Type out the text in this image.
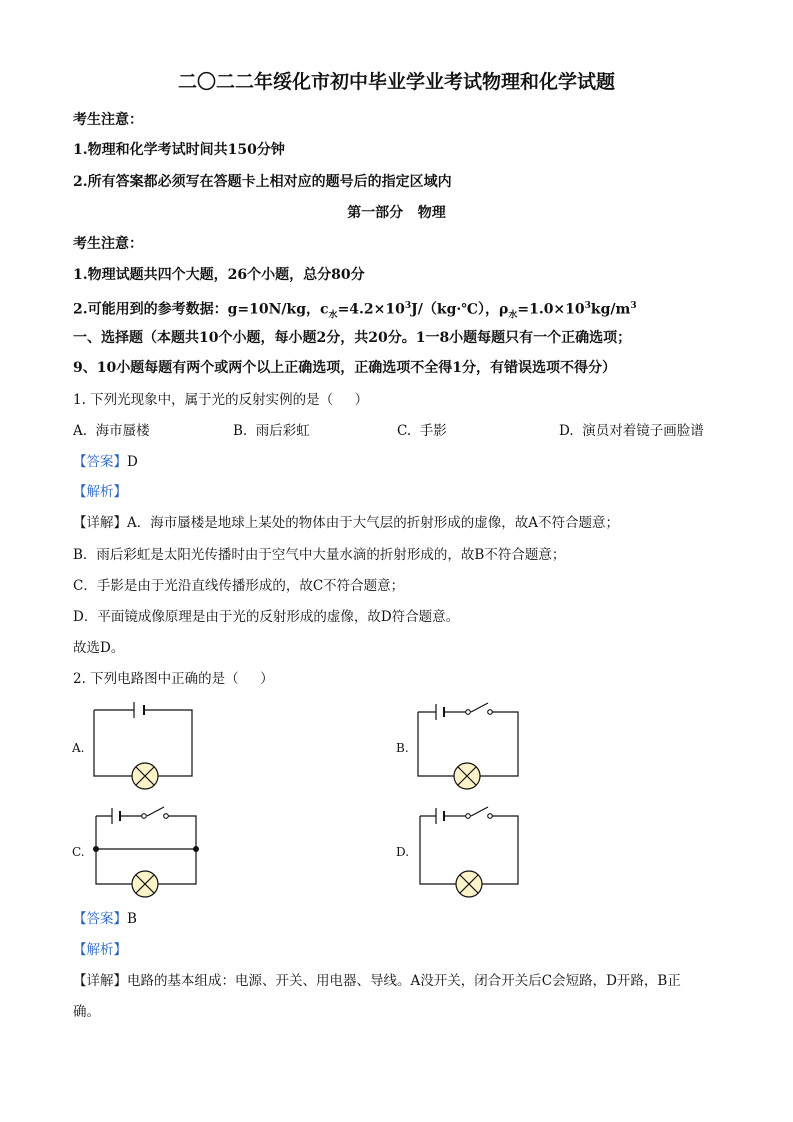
二〇二二年绥化市初中毕业学业考试物理和化学试题
考生注意：
1.物理和化学考试时间共150分钟
2.所有答案都必须写在答题卡上相对应的题号后的指定区域内
第一部分   物理
考生注意：
1.物理试题共四个大题，26个小题，总分80分
2.可能用到的参考数据：g=10N/kg，$c_水=4.2\times 10^3J/(kg\cdot℃)$，$\rho_水=1.0\times 10^3kg/m^3$
一、选择题（本题共10个小题，每小题2分，共20分。1一8小题每题只有一个正确选项；
9、10小题每题有两个或两个以上正确选项，正确选项不全得1分，有错误选项不得分）
1. 下列光现象中，属于光的反射实例的是（     ）
A.  海市蜃楼	B.  雨后彩虹	C.  手影	D.  演员对着镜子画脸谱
【答案】D
【解析】
【详解】A．海市蜃楼是地球上某处的物体由于大气层的折射形成的虚像，故A不符合题意；
B．雨后彩虹是太阳光传播时由于空气中大量水滴的折射形成的，故B不符合题意；
C．手影是由于光沿直线传播形成的，故C不符合题意；
D．平面镜成像原理是由于光的反射形成的虚像，故D符合题意。
故选D。
2. 下列电路图中正确的是（     ）
A.	B.
C.	D.
【答案】B
【解析】
【详解】电路的基本组成：电源、开关、用电器、导线。A没开关，闭合开关后C会短路，D开路，B正
确。
